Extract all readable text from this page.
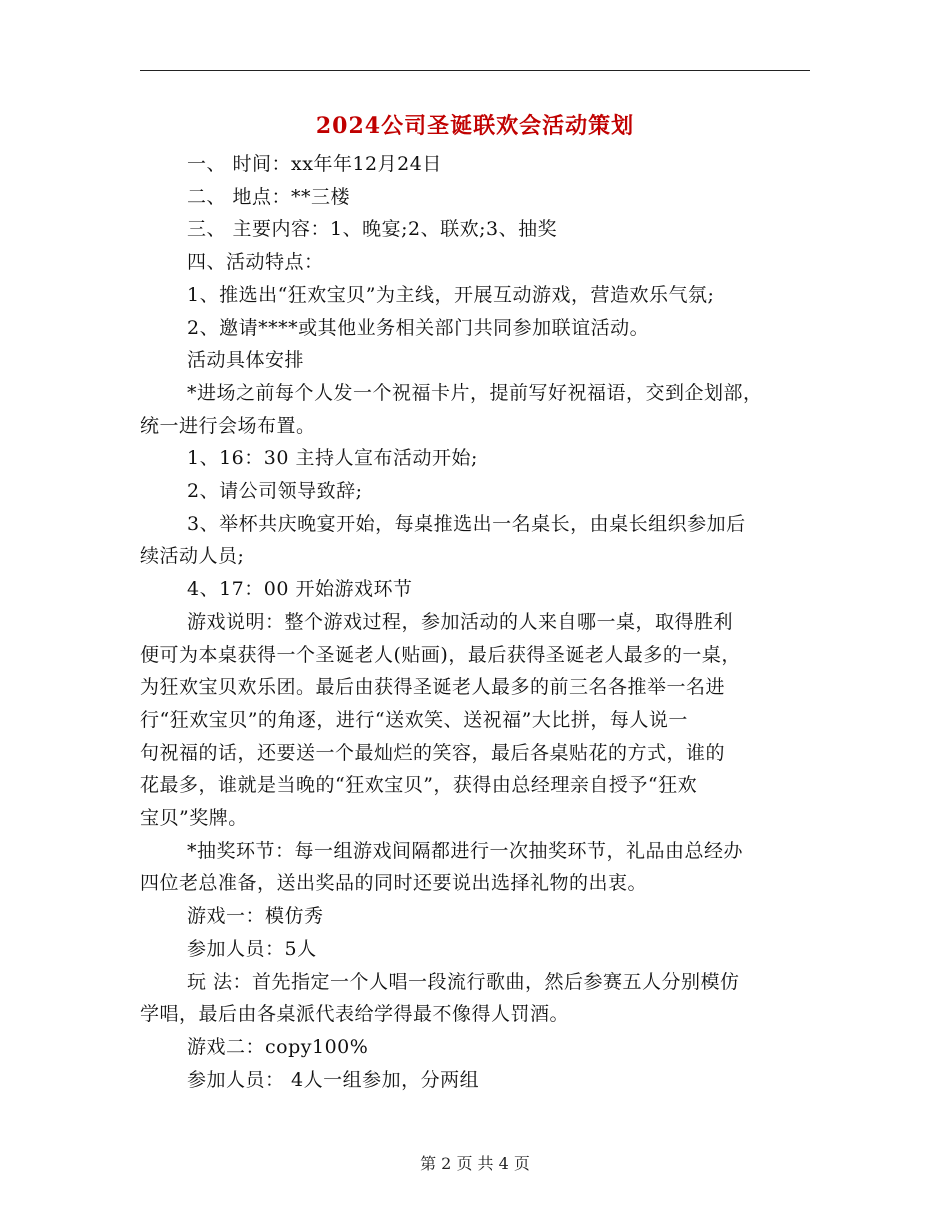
2024公司圣诞联欢会活动策划

一、 时间：xx年年12月24日

二、 地点：**三楼

三、 主要内容：1、晚宴;2、联欢;3、抽奖

四、活动特点：

1、推选出“狂欢宝贝”为主线，开展互动游戏，营造欢乐气氛;

2、邀请****或其他业务相关部门共同参加联谊活动。

活动具体安排

*进场之前每个人发一个祝福卡片，提前写好祝福语，交到企划部，

统一进行会场布置。

1、16：30 主持人宣布活动开始;

2、请公司领导致辞;

3、举杯共庆晚宴开始，每桌推选出一名桌长，由桌长组织参加后

续活动人员;

4、17：00 开始游戏环节

游戏说明：整个游戏过程，参加活动的人来自哪一桌，取得胜利

便可为本桌获得一个圣诞老人(贴画)，最后获得圣诞老人最多的一桌，

为狂欢宝贝欢乐团。最后由获得圣诞老人最多的前三名各推举一名进

行“狂欢宝贝”的角逐，进行“送欢笑、送祝福”大比拼，每人说一

句祝福的话，还要送一个最灿烂的笑容，最后各桌贴花的方式，谁的

花最多，谁就是当晚的“狂欢宝贝”，获得由总经理亲自授予“狂欢

宝贝”奖牌。

*抽奖环节：每一组游戏间隔都进行一次抽奖环节，礼品由总经办

四位老总准备，送出奖品的同时还要说出选择礼物的出衷。

游戏一：模仿秀

参加人员：5人

玩 法：首先指定一个人唱一段流行歌曲，然后参赛五人分别模仿

学唱，最后由各桌派代表给学得最不像得人罚酒。

游戏二：copy100%

参加人员： 4人一组参加，分两组

第 2 页 共 4 页
